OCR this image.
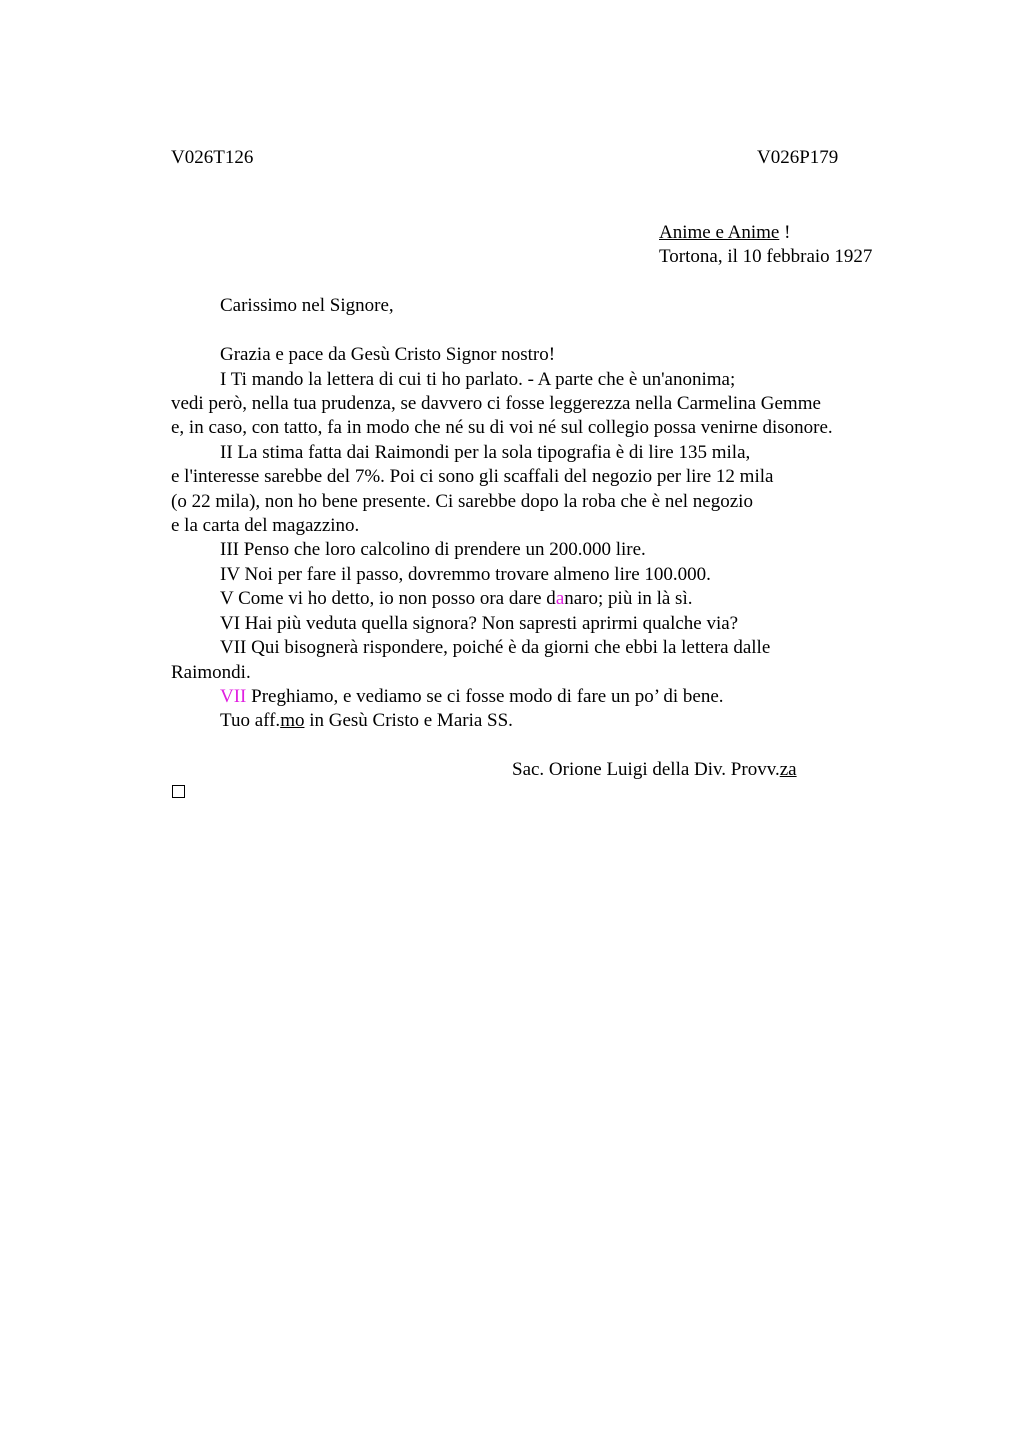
V026T126	V026P179
Anime e Anime !
Tortona, il 10 febbraio 1927
Carissimo nel Signore,
Grazia e pace da Gesù Cristo Signor nostro!
I Ti mando la lettera di cui ti ho parlato. - A parte che è un'anonima;
vedi però, nella tua prudenza, se davvero ci fosse leggerezza nella Carmelina Gemme
e, in caso, con tatto, fa in modo che né su di voi né sul collegio possa venirne disonore.
II La stima fatta dai Raimondi per la sola tipografia è di lire 135 mila,
e l'interesse sarebbe del 7%. Poi ci sono gli scaffali del negozio per lire 12 mila
(o 22 mila), non ho bene presente. Ci sarebbe dopo la roba che è nel negozio
e la carta del magazzino.
III Penso che loro calcolino di prendere un 200.000 lire.
IV Noi per fare il passo, dovremmo trovare almeno lire 100.000.
V Come vi ho detto, io non posso ora dare danaro; più in là sì.
VI Hai più veduta quella signora? Non sapresti aprirmi qualche via?
VII Qui bisognerà rispondere, poiché è da giorni che ebbi la lettera dalle
Raimondi.
VII Preghiamo, e vediamo se ci fosse modo di fare un po’ di bene.
Tuo aff.mo in Gesù Cristo e Maria SS.
Sac. Orione Luigi della Div. Provv.za
